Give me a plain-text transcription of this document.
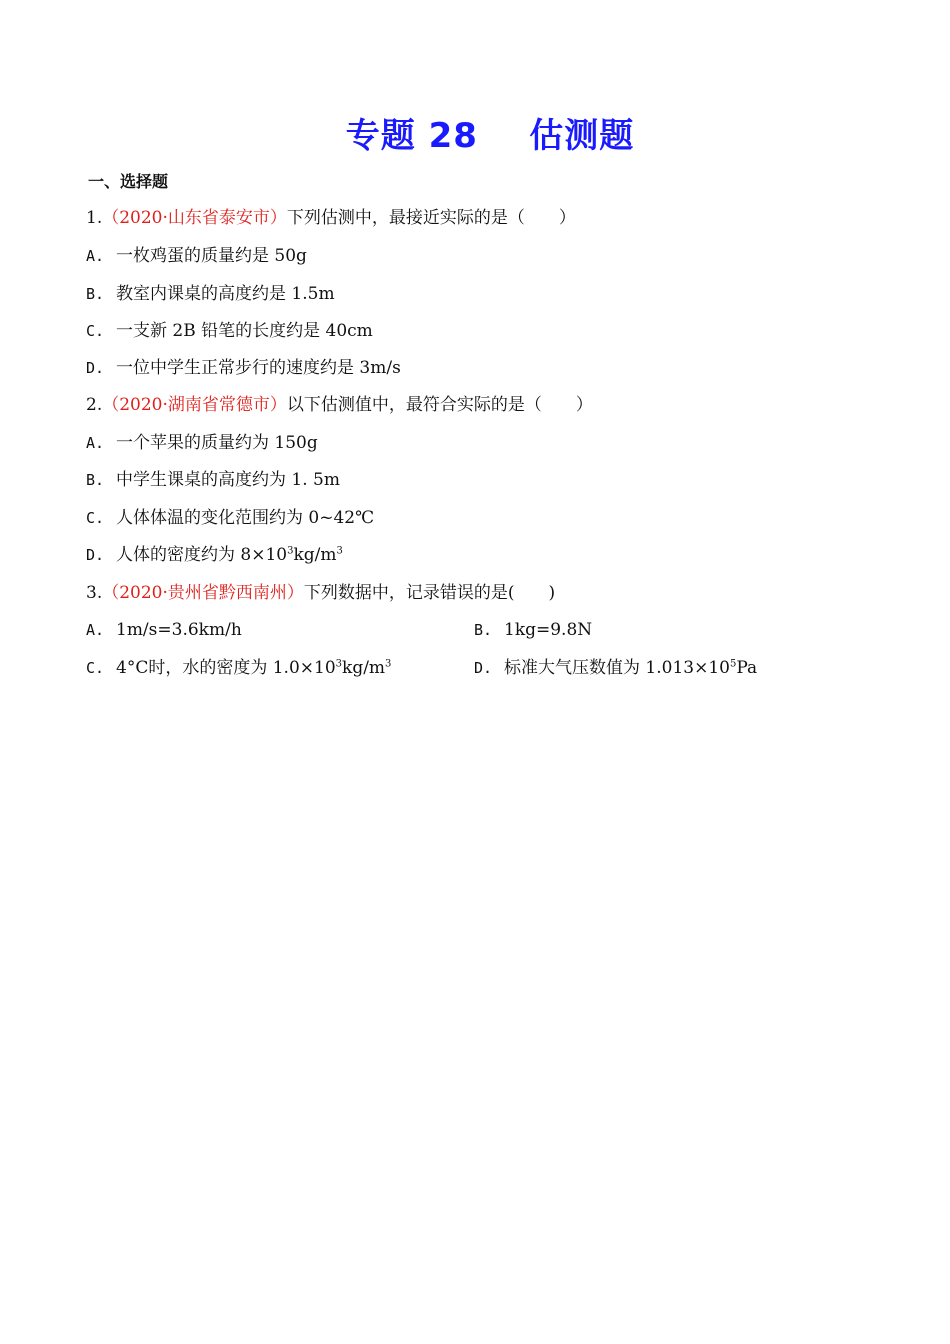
专题 28    估测题
一、选择题
1.（2020·山东省泰安市）下列估测中，最接近实际的是（　　）
A. 一枚鸡蛋的质量约是 50g
B. 教室内课桌的高度约是 1.5m
C. 一支新 2B 铅笔的长度约是 40cm
D. 一位中学生正常步行的速度约是 3m/s
2.（2020·湖南省常德市）以下估测值中，最符合实际的是（　　）
A. 一个苹果的质量约为 150g
B. 中学生课桌的高度约为 1. 5m
C. 人体体温的变化范围约为 0~42℃
D. 人体的密度约为 $8\times 10^3kg/m^3$
3.（2020·贵州省黔西南州）下列数据中，记录错误的是(　　)
A. 1m/s=3.6km/h	B. 1kg=9.8N
C. 4°C时，水的密度为 $1.0\times 10^3kg/m^3$	D. 标准大气压数值为 $1.013\times 10^5Pa$
